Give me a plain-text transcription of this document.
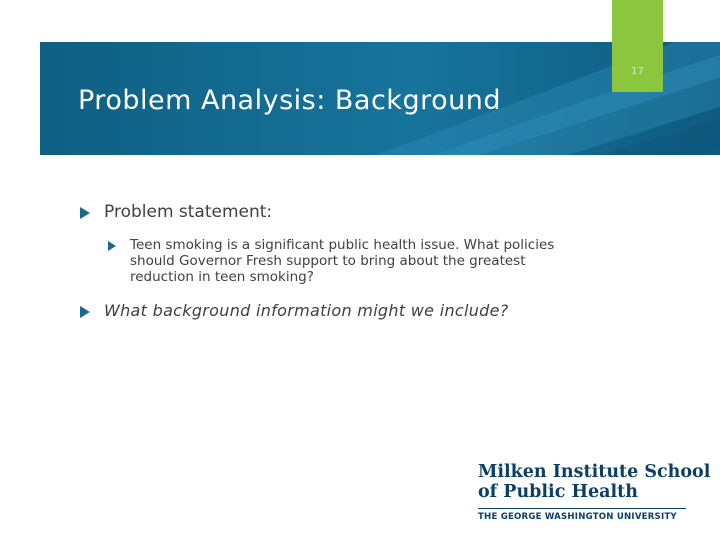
17
Problem Analysis: Background
Problem statement:
Teen smoking is a significant public health issue. What policies should Governor Fresh support to bring about the greatest reduction in teen smoking?
What background information might we include?
Milken Institute School
of Public Health
THE GEORGE WASHINGTON UNIVERSITY
